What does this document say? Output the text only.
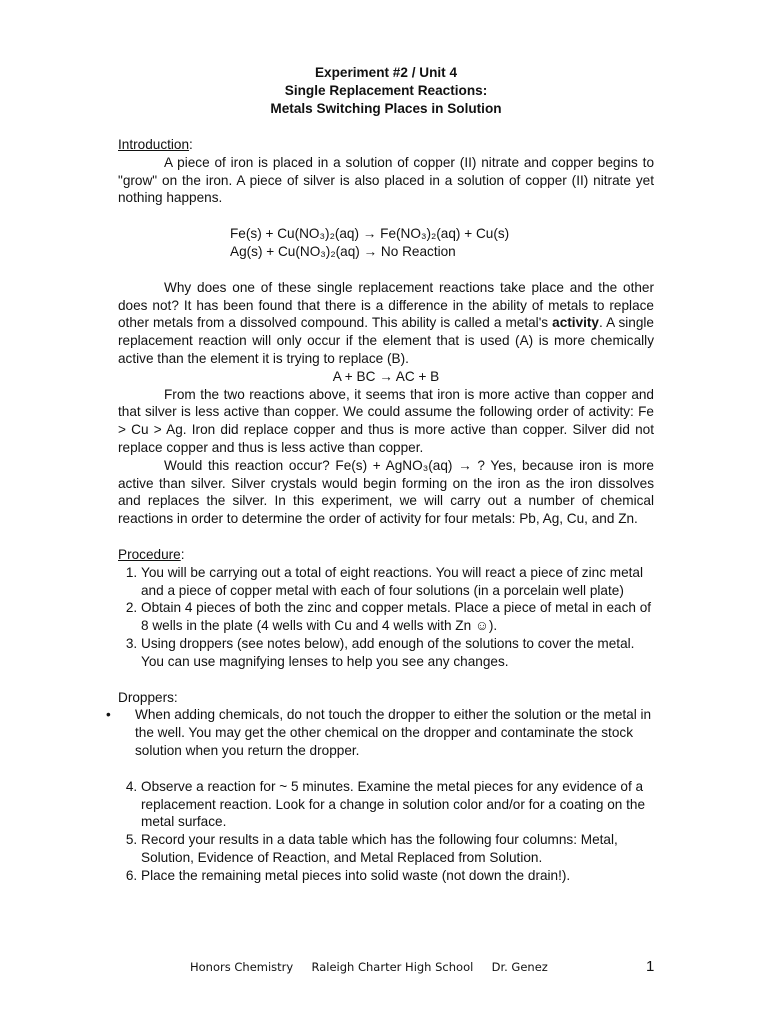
Experiment #2 / Unit 4
Single Replacement Reactions:
Metals Switching Places in Solution
Introduction:

A piece of iron is placed in a solution of copper (II) nitrate and copper begins to "grow" on the iron. A piece of silver is also placed in a solution of copper (II) nitrate yet nothing happens.

Fe(s) + Cu(NO₃)₂(aq) → Fe(NO₃)₂(aq) + Cu(s)
Ag(s) + Cu(NO₃)₂(aq) → No Reaction

Why does one of these single replacement reactions take place and the other does not? It has been found that there is a difference in the ability of metals to replace other metals from a dissolved compound. This ability is called a metal's activity. A single replacement reaction will only occur if the element that is used (A) is more chemically active than the element it is trying to replace (B).

A + BC → AC + B

From the two reactions above, it seems that iron is more active than copper and that silver is less active than copper. We could assume the following order of activity: Fe > Cu > Ag. Iron did replace copper and thus is more active than copper. Silver did not replace copper and thus is less active than copper.

Would this reaction occur? Fe(s) + AgNO₃(aq) → ? Yes, because iron is more active than silver. Silver crystals would begin forming on the iron as the iron dissolves and replaces the silver. In this experiment, we will carry out a number of chemical reactions in order to determine the order of activity for four metals: Pb, Ag, Cu, and Zn.

Procedure:
1. You will be carrying out a total of eight reactions. You will react a piece of zinc metal and a piece of copper metal with each of four solutions (in a porcelain well plate)
2. Obtain 4 pieces of both the zinc and copper metals. Place a piece of metal in each of 8 wells in the plate (4 wells with Cu and 4 wells with Zn ☺).
3. Using droppers (see notes below), add enough of the solutions to cover the metal. You can use magnifying lenses to help you see any changes.
Droppers:
• When adding chemicals, do not touch the dropper to either the solution or the metal in the well. You may get the other chemical on the dropper and contaminate the stock solution when you return the dropper.
4. Observe a reaction for ~ 5 minutes. Examine the metal pieces for any evidence of a replacement reaction. Look for a change in solution color and/or for a coating on the metal surface.
5. Record your results in a data table which has the following four columns: Metal, Solution, Evidence of Reaction, and Metal Replaced from Solution.
6. Place the remaining metal pieces into solid waste (not down the drain!).
Honors Chemistry     Raleigh Charter High School     Dr. Genez	1
